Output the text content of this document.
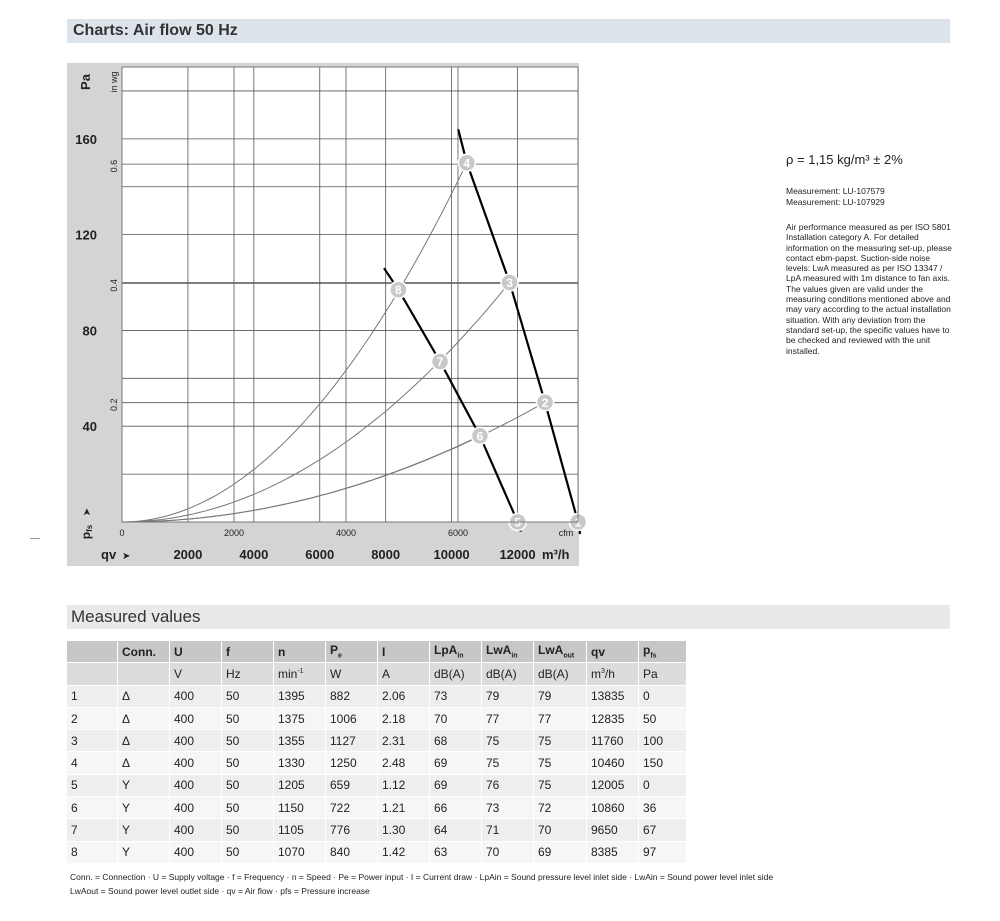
Charts: Air flow 50 Hz
1
2
3
4
5
6
7
8
40
80
120
160
0.2
0.4
0.6
Pa in wg
pfs
➤
0	2000	4000	6000	cfm
2000	4000	6000	8000	10000 12000
qv ➤	m³/h
ρ = 1,15 kg/m³ ± 2%
Measurement: LU-107579
Measurement: LU-107929
Air performance measured as per ISO 5801 Installation category A. For detailed information on the measuring set-up, please contact ebm-papst. Suction-side noise levels: LwA measured as per ISO 13347 / LpA measured with 1m distance to fan axis. The values given are valid under the measuring conditions mentioned above and may vary according to the actual installation situation. With any deviation from the standard set-up, the specific values have to be checked and reviewed with the unit installed.
Measured values
	Conn.	U	f	n	$P_e$	I	LpA$_{in}$	LwA$_{in}$	LwA$_{out}$	qv	$p_{fs}$
		V	Hz	$\min^{-1}$	W	A	dB(A)	dB(A)	dB(A)	$m^3/h$	Pa
1	Δ	400	50	1395	882	2.06	73	79	79	13835	0
2	Δ	400	50	1375	1006	2.18	70	77	77	12835	50
3	Δ	400	50	1355	1127	2.31	68	75	75	11760	100
4	Δ	400	50	1330	1250	2.48	69	75	75	10460	150
5	Y	400	50	1205	659	1.12	69	76	75	12005	0
6	Y	400	50	1150	722	1.21	66	73	72	10860	36
7	Y	400	50	1105	776	1.30	64	71	70	9650	67
8	Y	400	50	1070	840	1.42	63	70	69	8385	97
Conn. = Connection · U = Supply voltage · f = Frequency · n = Speed · Pe = Power input · I = Current draw · LpAin = Sound pressure level inlet side · LwAin = Sound power level inlet side
LwAout = Sound power level outlet side · qv = Air flow · pfs = Pressure increase
